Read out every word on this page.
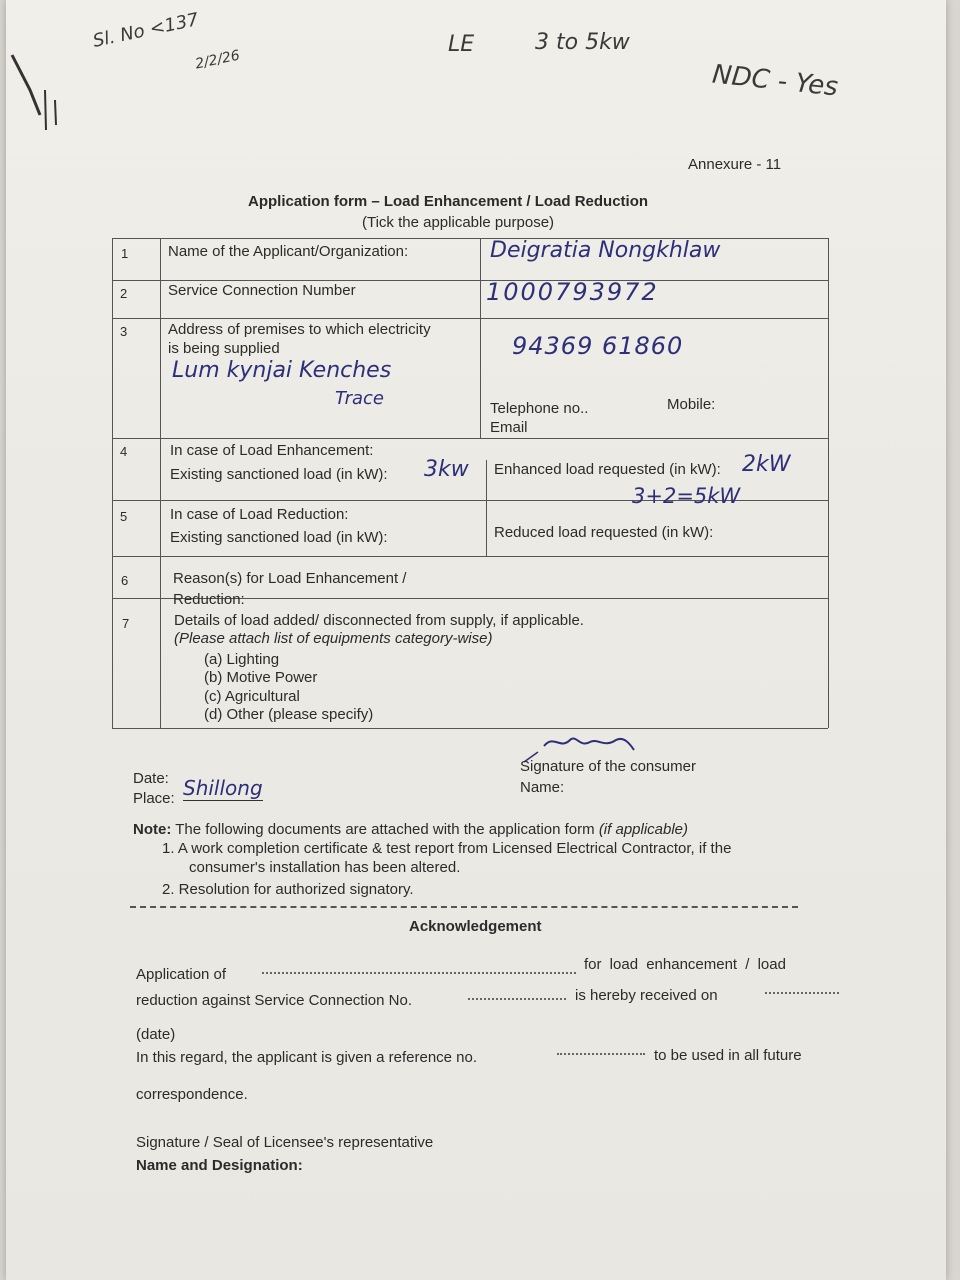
Sl. No <137
2/2/26
LE	3 to 5kw
NDC - Yes
Annexure - 11
Application form – Load Enhancement / Load Reduction
(Tick the applicable purpose)
1	Name of the Applicant/Organization:	Deigratia Nongkhlaw
2	Service Connection Number	1000793972
3	Address of premises to which electricity
is being supplied
Lum kynjai Kenches
Trace
94369 61860
Telephone no..	Mobile:
Email
4	In case of Load Enhancement:
Existing sanctioned load (in kW): 3kw Enhanced load requested (in kW): 2kW
3+2=5kW
5	In case of Load Reduction:
Existing sanctioned load (in kW):	Reduced load requested (in kW):
6	Reason(s) for Load Enhancement /
Reduction:
7	Details of load added/ disconnected from supply, if applicable.
(Please attach list of equipments category-wise)
(a) Lighting
(b) Motive Power
(c) Agricultural
(d) Other (please specify)
Date:
Place: Shillong
Signature of the consumer
Name:
Note: The following documents are attached with the application form (if applicable)
1. A work completion certificate & test report from Licensed Electrical Contractor, if the
consumer's installation has been altered.
2. Resolution for authorized signatory.
Acknowledgement
Application of
for load enhancement / load
reduction against Service Connection No.	is hereby received on
(date)
In this regard, the applicant is given a reference no.	to be used in all future
correspondence.
Signature / Seal of Licensee's representative
Name and Designation:
